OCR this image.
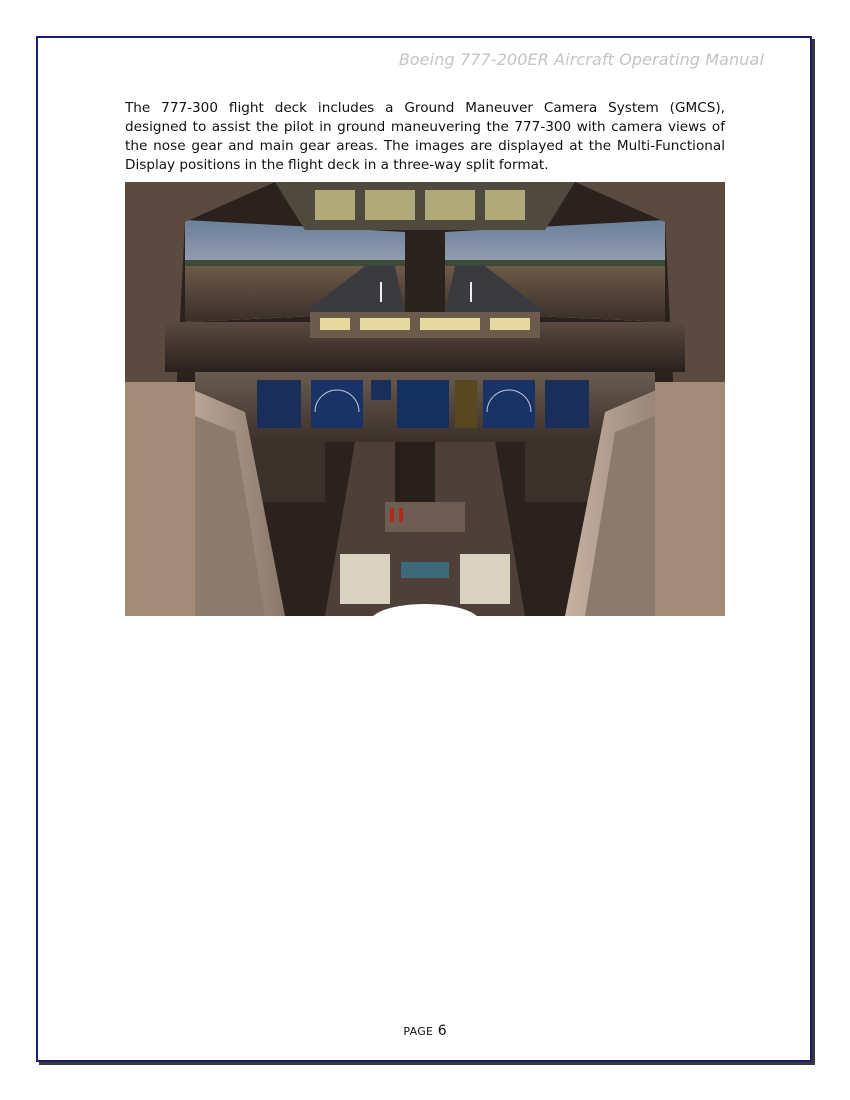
Boeing 777-200ER Aircraft Operating Manual

The 777-300 flight deck includes a Ground Maneuver Camera System (GMCS), designed to assist the pilot in ground maneuvering the 777-300 with camera views of the nose gear and main gear areas. The images are displayed at the Multi-Functional Display positions in the flight deck in a three-way split format.

PAGE 6
